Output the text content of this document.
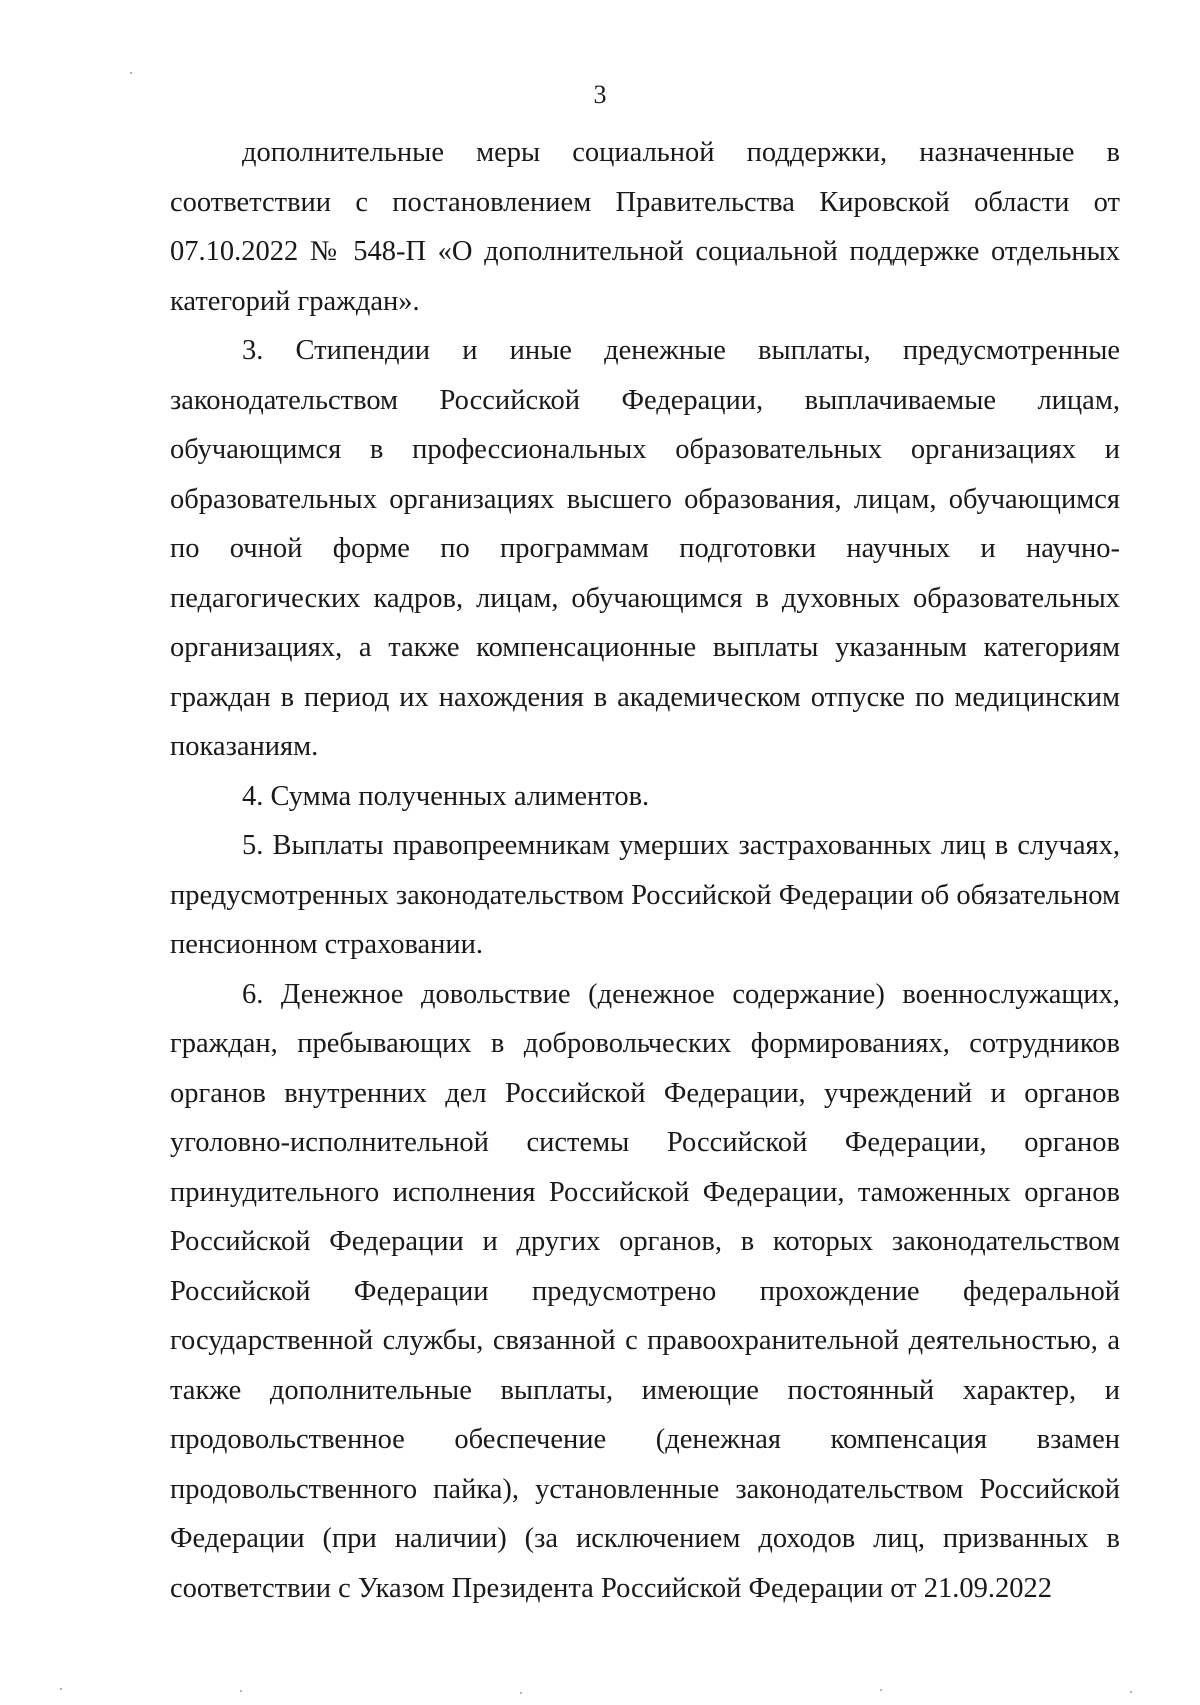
3

дополнительные меры социальной поддержки, назначенные в соответствии с постановлением Правительства Кировской области от 07.10.2022 № 548-П «О дополнительной социальной поддержке отдельных категорий граждан».

3. Стипендии и иные денежные выплаты, предусмотренные законодательством Российской Федерации, выплачиваемые лицам, обучающимся в профессиональных образовательных организациях и образовательных организациях высшего образования, лицам, обучающимся по очной форме по программам подготовки научных и научно-педагогических кадров, лицам, обучающимся в духовных образовательных организациях, а также компенсационные выплаты указанным категориям граждан в период их нахождения в академическом отпуске по медицинским показаниям.

4. Сумма полученных алиментов.

5. Выплаты правопреемникам умерших застрахованных лиц в случаях, предусмотренных законодательством Российской Федерации об обязательном пенсионном страховании.

6. Денежное довольствие (денежное содержание) военнослужащих, граждан, пребывающих в добровольческих формированиях, сотрудников органов внутренних дел Российской Федерации, учреждений и органов уголовно-исполнительной системы Российской Федерации, органов принудительного исполнения Российской Федерации, таможенных органов Российской Федерации и других органов, в которых законодательством Российской Федерации предусмотрено прохождение федеральной государственной службы, связанной с правоохранительной деятельностью, а также дополнительные выплаты, имеющие постоянный характер, и продовольственное обеспечение (денежная компенсация взамен продовольственного пайка), установленные законодательством Российской Федерации (при наличии) (за исключением доходов лиц, призванных в соответствии с Указом Президента Российской Федерации от 21.09.2022
